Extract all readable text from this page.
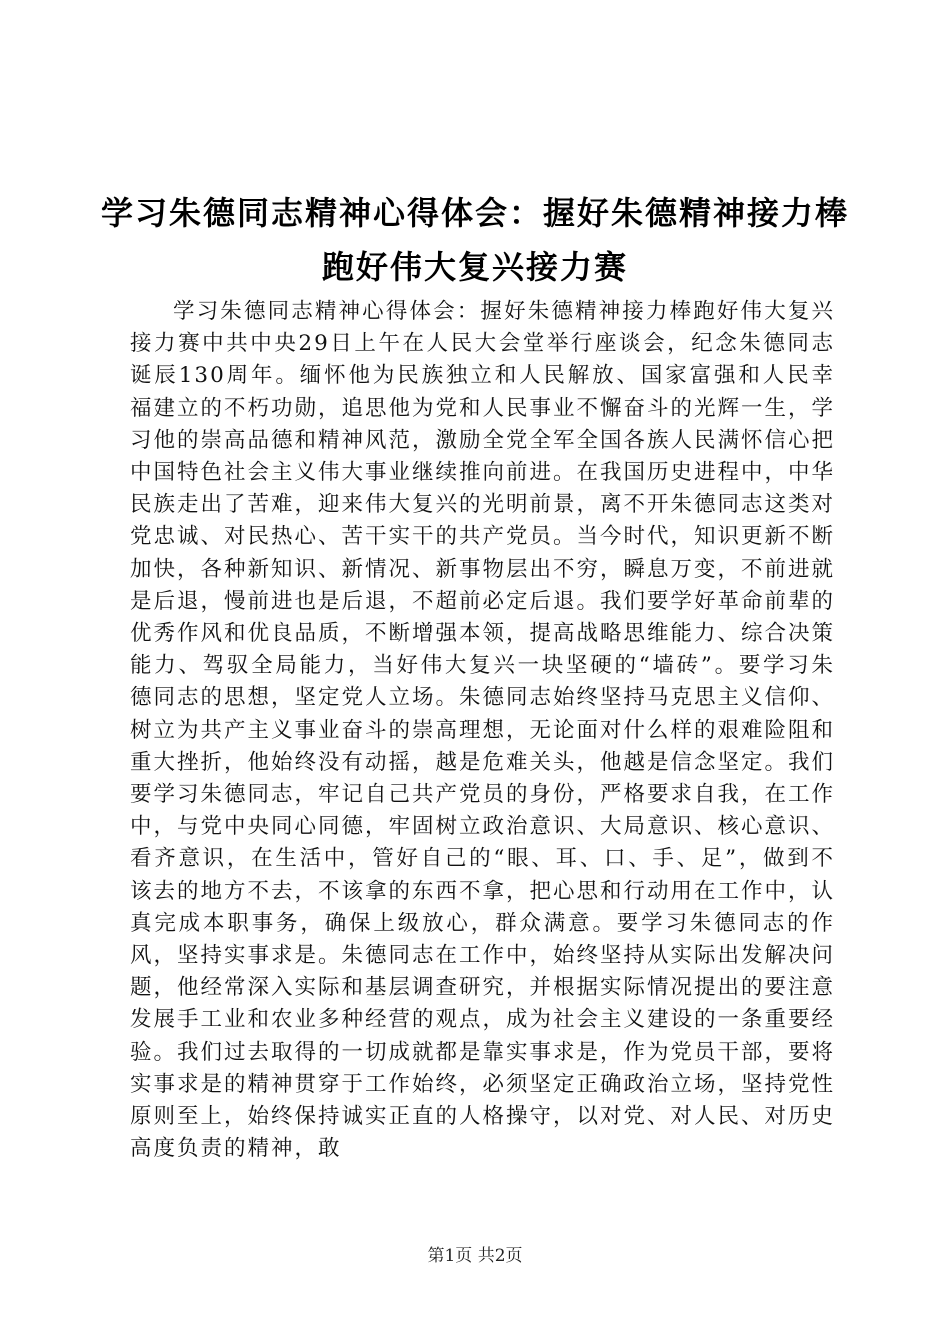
学习朱德同志精神心得体会：握好朱德精神接力棒跑好伟大复兴接力赛

学习朱德同志精神心得体会：握好朱德精神接力棒跑好伟大复兴接力赛中共中央29日上午在人民大会堂举行座谈会，纪念朱德同志诞辰130周年。缅怀他为民族独立和人民解放、国家富强和人民幸福建立的不朽功勋，追思他为党和人民事业不懈奋斗的光辉一生，学习他的崇高品德和精神风范，激励全党全军全国各族人民满怀信心把中国特色社会主义伟大事业继续推向前进。在我国历史进程中，中华民族走出了苦难，迎来伟大复兴的光明前景，离不开朱德同志这类对党忠诚、对民热心、苦干实干的共产党员。当今时代，知识更新不断加快，各种新知识、新情况、新事物层出不穷，瞬息万变，不前进就是后退，慢前进也是后退，不超前必定后退。我们要学好革命前辈的优秀作风和优良品质，不断增强本领，提高战略思维能力、综合决策能力、驾驭全局能力，当好伟大复兴一块坚硬的“墙砖”。要学习朱德同志的思想，坚定党人立场。朱德同志始终坚持马克思主义信仰、树立为共产主义事业奋斗的崇高理想，无论面对什么样的艰难险阻和重大挫折，他始终没有动摇，越是危难关头，他越是信念坚定。我们要学习朱德同志，牢记自己共产党员的身份，严格要求自我，在工作中，与党中央同心同德，牢固树立政治意识、大局意识、核心意识、看齐意识，在生活中，管好自己的“眼、耳、口、手、足”，做到不该去的地方不去，不该拿的东西不拿，把心思和行动用在工作中，认真完成本职事务，确保上级放心，群众满意。要学习朱德同志的作风，坚持实事求是。朱德同志在工作中，始终坚持从实际出发解决问题，他经常深入实际和基层调查研究，并根据实际情况提出的要注意发展手工业和农业多种经营的观点，成为社会主义建设的一条重要经验。我们过去取得的一切成就都是靠实事求是，作为党员干部，要将实事求是的精神贯穿于工作始终，必须坚定正确政治立场，坚持党性原则至上，始终保持诚实正直的人格操守，以对党、对人民、对历史高度负责的精神，敢

第1页 共2页
